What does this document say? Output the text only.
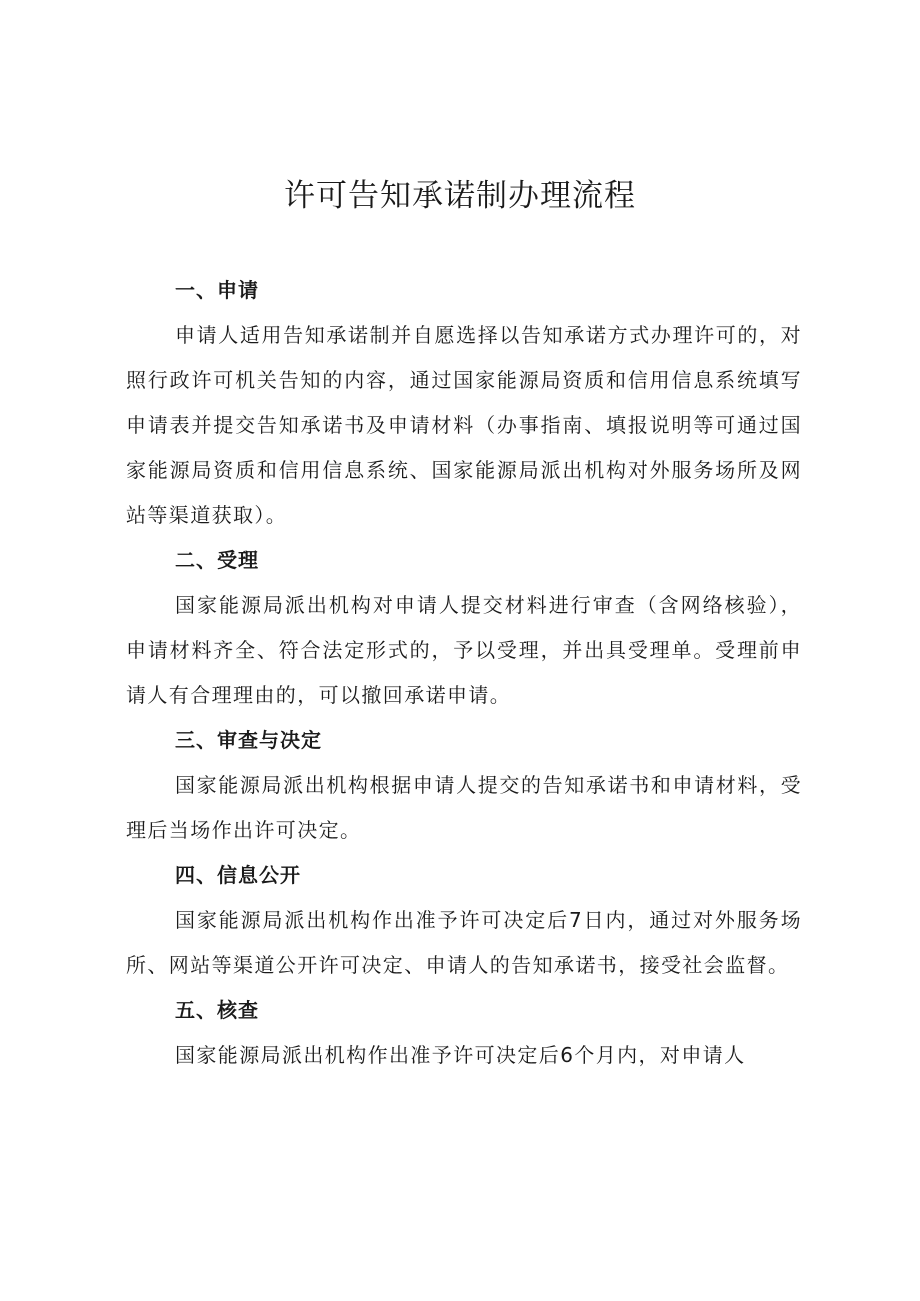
许可告知承诺制办理流程
一、申请

申请人适用告知承诺制并自愿选择以告知承诺方式办理许可的，对照行政许可机关告知的内容，通过国家能源局资质和信用信息系统填写申请表并提交告知承诺书及申请材料（办事指南、填报说明等可通过国家能源局资质和信用信息系统、国家能源局派出机构对外服务场所及网站等渠道获取）。

二、受理

国家能源局派出机构对申请人提交材料进行审查（含网络核验），申请材料齐全、符合法定形式的，予以受理，并出具受理单。受理前申请人有合理理由的，可以撤回承诺申请。

三、审查与决定

国家能源局派出机构根据申请人提交的告知承诺书和申请材料，受理后当场作出许可决定。

四、信息公开

国家能源局派出机构作出准予许可决定后7日内，通过对外服务场所、网站等渠道公开许可决定、申请人的告知承诺书，接受社会监督。

五、核查

国家能源局派出机构作出准予许可决定后6个月内，对申请人
